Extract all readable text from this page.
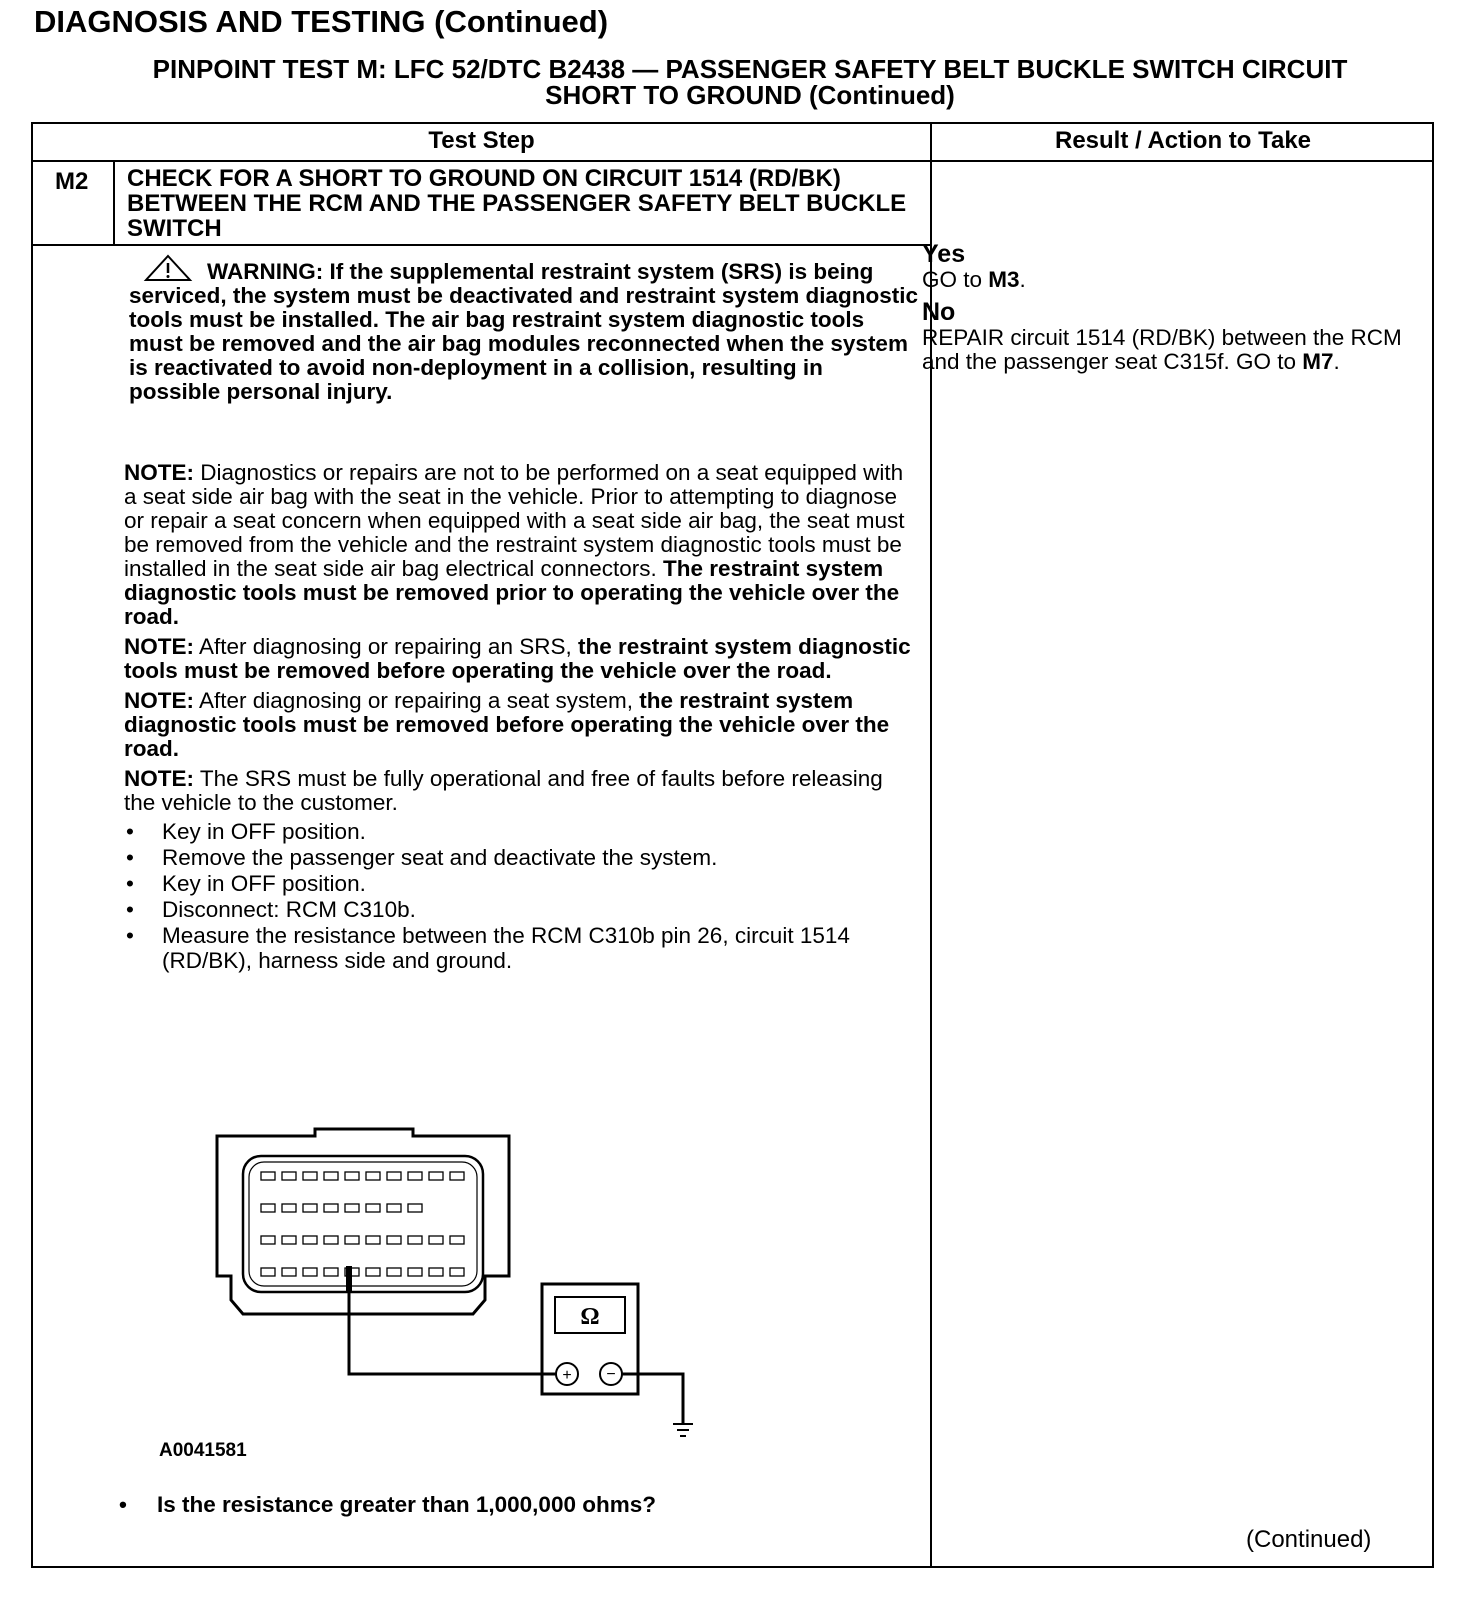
DIAGNOSIS AND TESTING (Continued)
PINPOINT TEST M: LFC 52/DTC B2438 — PASSENGER SAFETY BELT BUCKLE SWITCH CIRCUIT
SHORT TO GROUND (Continued)
Test Step	Result / Action to Take
M2 CHECK FOR A SHORT TO GROUND ON CIRCUIT 1514 (RD/BK) BETWEEN THE RCM AND THE PASSENGER SAFETY BELT BUCKLE SWITCH
WARNING: If the supplemental restraint system (SRS) is being serviced, the system must be deactivated and restraint system diagnostic tools must be installed. The air bag restraint system diagnostic tools must be removed and the air bag modules reconnected when the system is reactivated to avoid non-deployment in a collision, resulting in possible personal injury.

NOTE: Diagnostics or repairs are not to be performed on a seat equipped with a seat side air bag with the seat in the vehicle. Prior to attempting to diagnose or repair a seat concern when equipped with a seat side air bag, the seat must be removed from the vehicle and the restraint system diagnostic tools must be installed in the seat side air bag electrical connectors. The restraint system diagnostic tools must be removed prior to operating the vehicle over the road.

NOTE: After diagnosing or repairing an SRS, the restraint system diagnostic tools must be removed before operating the vehicle over the road.

NOTE: After diagnosing or repairing a seat system, the restraint system diagnostic tools must be removed before operating the vehicle over the road.

NOTE: The SRS must be fully operational and free of faults before releasing the vehicle to the customer.

• Key in OFF position.
• Remove the passenger seat and deactivate the system.
• Key in OFF position.
• Disconnect: RCM C310b.
• Measure the resistance between the RCM C310b pin 26, circuit 1514 (RD/BK), harness side and ground.
Ω
+ −
A0041581
• Is the resistance greater than 1,000,000 ohms?
Yes

GO to M3.

No

REPAIR circuit 1514 (RD/BK) between the RCM and the passenger seat C315f. GO to M7.

(Continued)
